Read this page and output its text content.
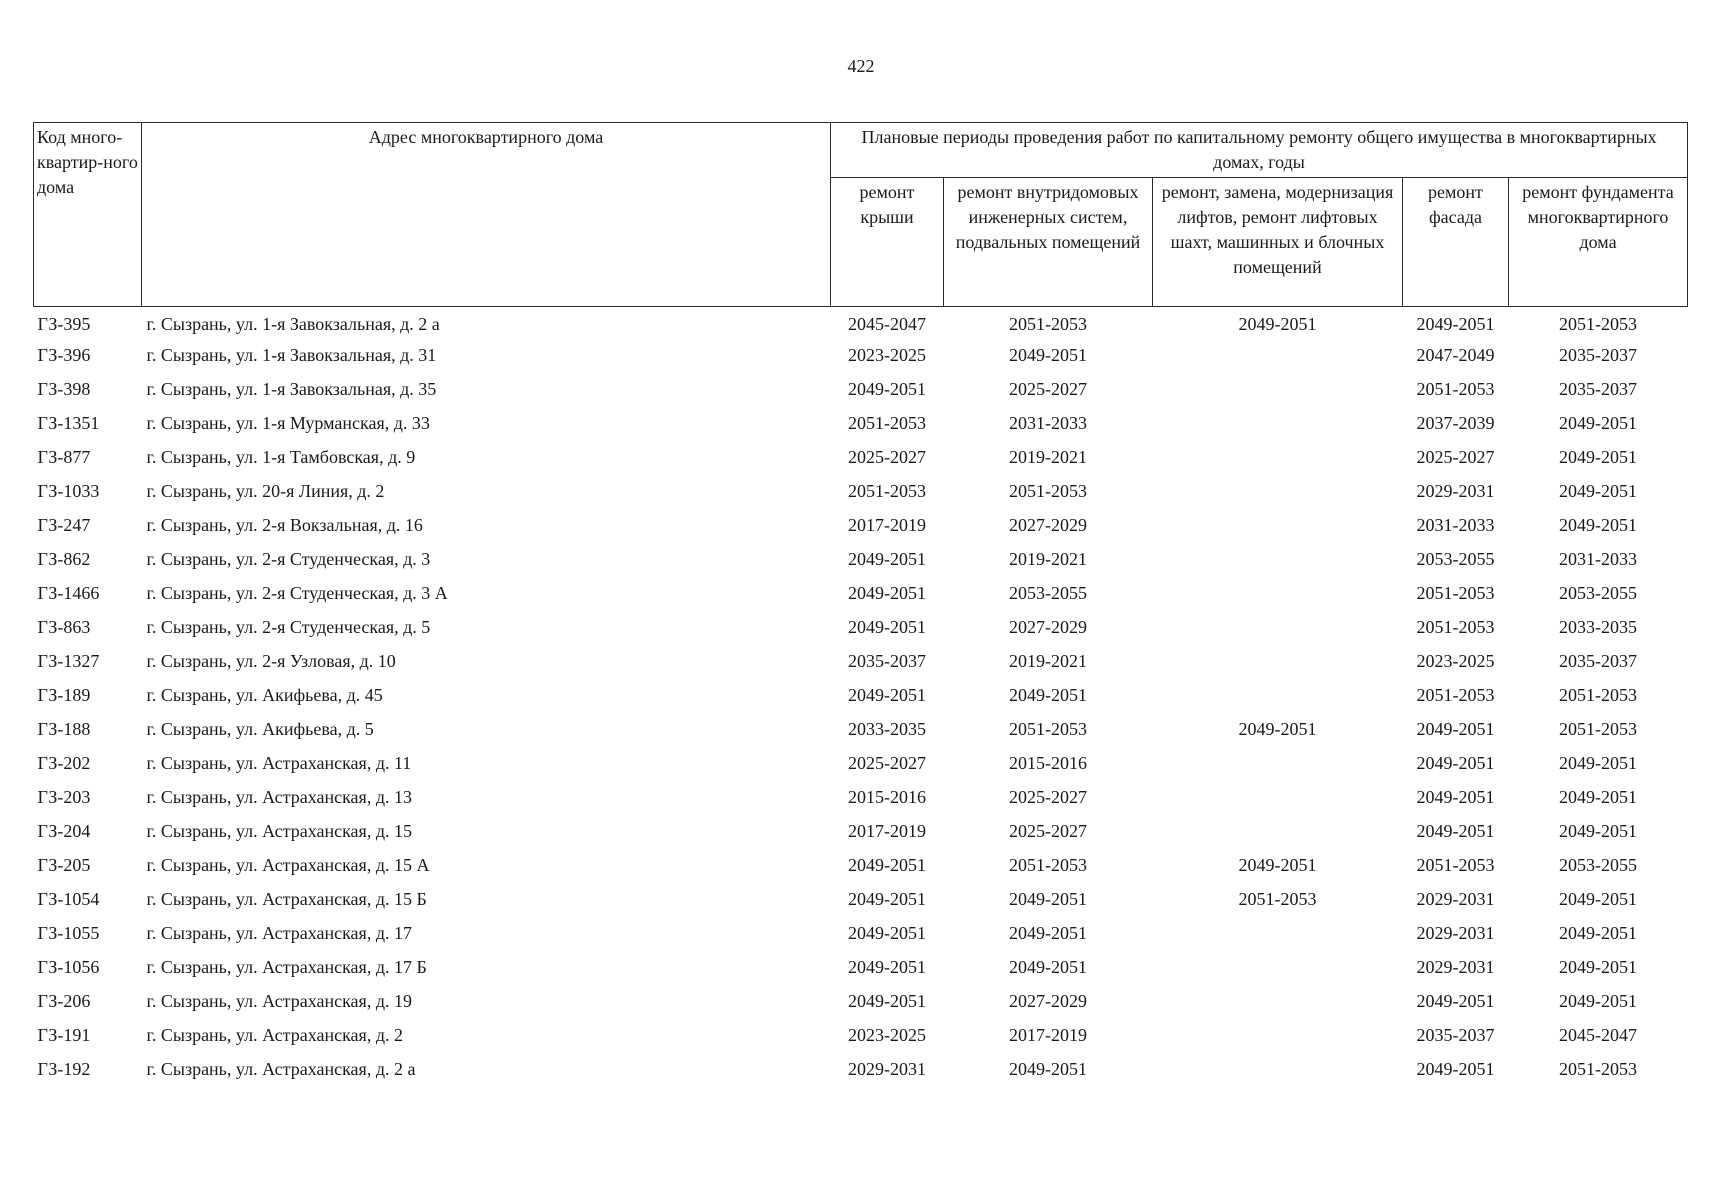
422
Код много-квартир-ного дома	Адрес многоквартирного дома	Плановые периоды проведения работ по капитальному ремонту общего имущества в многоквартирных домах, годы				
		ремонт крыши	ремонт внутридомовых инженерных систем, подвальных помещений	ремонт, замена, модернизация лифтов, ремонт лифтовых шахт, машинных и блочных помещений	ремонт фасада	ремонт фундамента многоквартирного дома
ГЗ-395	г. Сызрань, ул. 1-я Завокзальная, д. 2 а	2045-2047	2051-2053	2049-2051	2049-2051	2051-2053
ГЗ-396	г. Сызрань, ул. 1-я Завокзальная, д. 31	2023-2025	2049-2051		2047-2049	2035-2037
ГЗ-398	г. Сызрань, ул. 1-я Завокзальная, д. 35	2049-2051	2025-2027		2051-2053	2035-2037
ГЗ-1351	г. Сызрань, ул. 1-я Мурманская, д. 33	2051-2053	2031-2033		2037-2039	2049-2051
ГЗ-877	г. Сызрань, ул. 1-я Тамбовская, д. 9	2025-2027	2019-2021		2025-2027	2049-2051
ГЗ-1033	г. Сызрань, ул. 20-я Линия, д. 2	2051-2053	2051-2053		2029-2031	2049-2051
ГЗ-247	г. Сызрань, ул. 2-я Вокзальная, д. 16	2017-2019	2027-2029		2031-2033	2049-2051
ГЗ-862	г. Сызрань, ул. 2-я Студенческая, д. 3	2049-2051	2019-2021		2053-2055	2031-2033
ГЗ-1466	г. Сызрань, ул. 2-я Студенческая, д. 3 А	2049-2051	2053-2055		2051-2053	2053-2055
ГЗ-863	г. Сызрань, ул. 2-я Студенческая, д. 5	2049-2051	2027-2029		2051-2053	2033-2035
ГЗ-1327	г. Сызрань, ул. 2-я Узловая, д. 10	2035-2037	2019-2021		2023-2025	2035-2037
ГЗ-189	г. Сызрань, ул. Акифьева, д. 45	2049-2051	2049-2051		2051-2053	2051-2053
ГЗ-188	г. Сызрань, ул. Акифьева, д. 5	2033-2035	2051-2053	2049-2051	2049-2051	2051-2053
ГЗ-202	г. Сызрань, ул. Астраханская, д. 11	2025-2027	2015-2016		2049-2051	2049-2051
ГЗ-203	г. Сызрань, ул. Астраханская, д. 13	2015-2016	2025-2027		2049-2051	2049-2051
ГЗ-204	г. Сызрань, ул. Астраханская, д. 15	2017-2019	2025-2027		2049-2051	2049-2051
ГЗ-205	г. Сызрань, ул. Астраханская, д. 15 А	2049-2051	2051-2053	2049-2051	2051-2053	2053-2055
ГЗ-1054	г. Сызрань, ул. Астраханская, д. 15 Б	2049-2051	2049-2051	2051-2053	2029-2031	2049-2051
ГЗ-1055	г. Сызрань, ул. Астраханская, д. 17	2049-2051	2049-2051		2029-2031	2049-2051
ГЗ-1056	г. Сызрань, ул. Астраханская, д. 17 Б	2049-2051	2049-2051		2029-2031	2049-2051
ГЗ-206	г. Сызрань, ул. Астраханская, д. 19	2049-2051	2027-2029		2049-2051	2049-2051
ГЗ-191	г. Сызрань, ул. Астраханская, д. 2	2023-2025	2017-2019		2035-2037	2045-2047
ГЗ-192	г. Сызрань, ул. Астраханская, д. 2 а	2029-2031	2049-2051		2049-2051	2051-2053
